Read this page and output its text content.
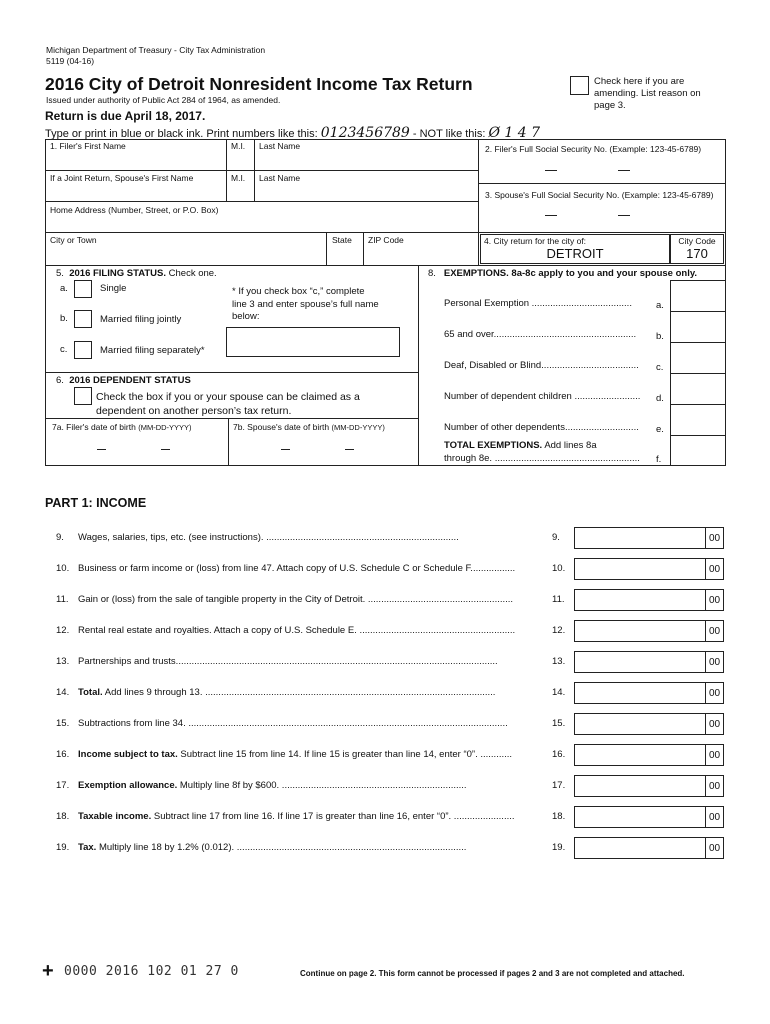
Michigan Department of Treasury - City Tax Administration
5119 (04-16)
2016 City of Detroit Nonresident Income Tax Return
Issued under authority of Public Act 284 of 1964, as amended.
Check here if you are
amending. List reason on
page 3.
Return is due April 18, 2017.
Type or print in blue or black ink. Print numbers like this: 0123456789 - NOT like this: Ø 1 4 7
1. Filer's First Name	M.I. Last Name	2. Filer's Full Social Security No. (Example: 123-45-6789)
If a Joint Return, Spouse's First Name	M.I. Last Name
3. Spouse's Full Social Security No. (Example: 123-45-6789)
Home Address (Number, Street, or P.O. Box)
City or Town	State ZIP Code	4. City return for the city of:
DETROIT
City Code
170
5. 2016 FILING STATUS. Check one.
a.	Single
b.	Married filing jointly
c.	Married filing separately*
* If you check box “c,” complete
line 3 and enter spouse’s full name
below:
6. 2016 DEPENDENT STATUS
Check the box if you or your spouse can be claimed as a
dependent on another person’s tax return.
7a. Filer's date of birth (MM-DD-YYYY)	7b. Spouse's date of birth (MM-DD-YYYY)
8. EXEMPTIONS. 8a-8c apply to you and your spouse only.
Personal Exemption ......................................	a.
65 and over......................................................	b.
Deaf, Disabled or Blind.....................................	c.
Number of dependent children .........................	d.
Number of other dependents............................	e.
TOTAL EXEMPTIONS. Add lines 8a
through 8e. .......................................................	f.
PART 1: INCOME
9. Wages, salaries, tips, etc. (see instructions). .........................................................................	9.	00
10. Business or farm income or (loss) from line 47. Attach copy of U.S. Schedule C or Schedule F.................	10.	00
11. Gain or (loss) from the sale of tangible property in the City of Detroit. .......................................................	11.	00
12. Rental real estate and royalties. Attach a copy of U.S. Schedule E. ...........................................................	12.	00
13. Partnerships and trusts..........................................................................................................................	13.	00
14. Total. Add lines 9 through 13. ..............................................................................................................	14.	00
15. Subtractions from line 34. .........................................................................................................................	15.	00
16. Income subject to tax. Subtract line 15 from line 14. If line 15 is greater than line 14, enter “0”. ............	16.	00
17. Exemption allowance. Multiply line 8f by $600. ......................................................................	17.	00
18. Taxable income. Subtract line 17 from line 16. If line 17 is greater than line 16, enter “0”. .......................	18.	00
19. Tax. Multiply line 18 by 1.2% (0.012). .......................................................................................	19.	00
+ 0000 2016 102 01 27 0	Continue on page 2. This form cannot be processed if pages 2 and 3 are not completed and attached.
